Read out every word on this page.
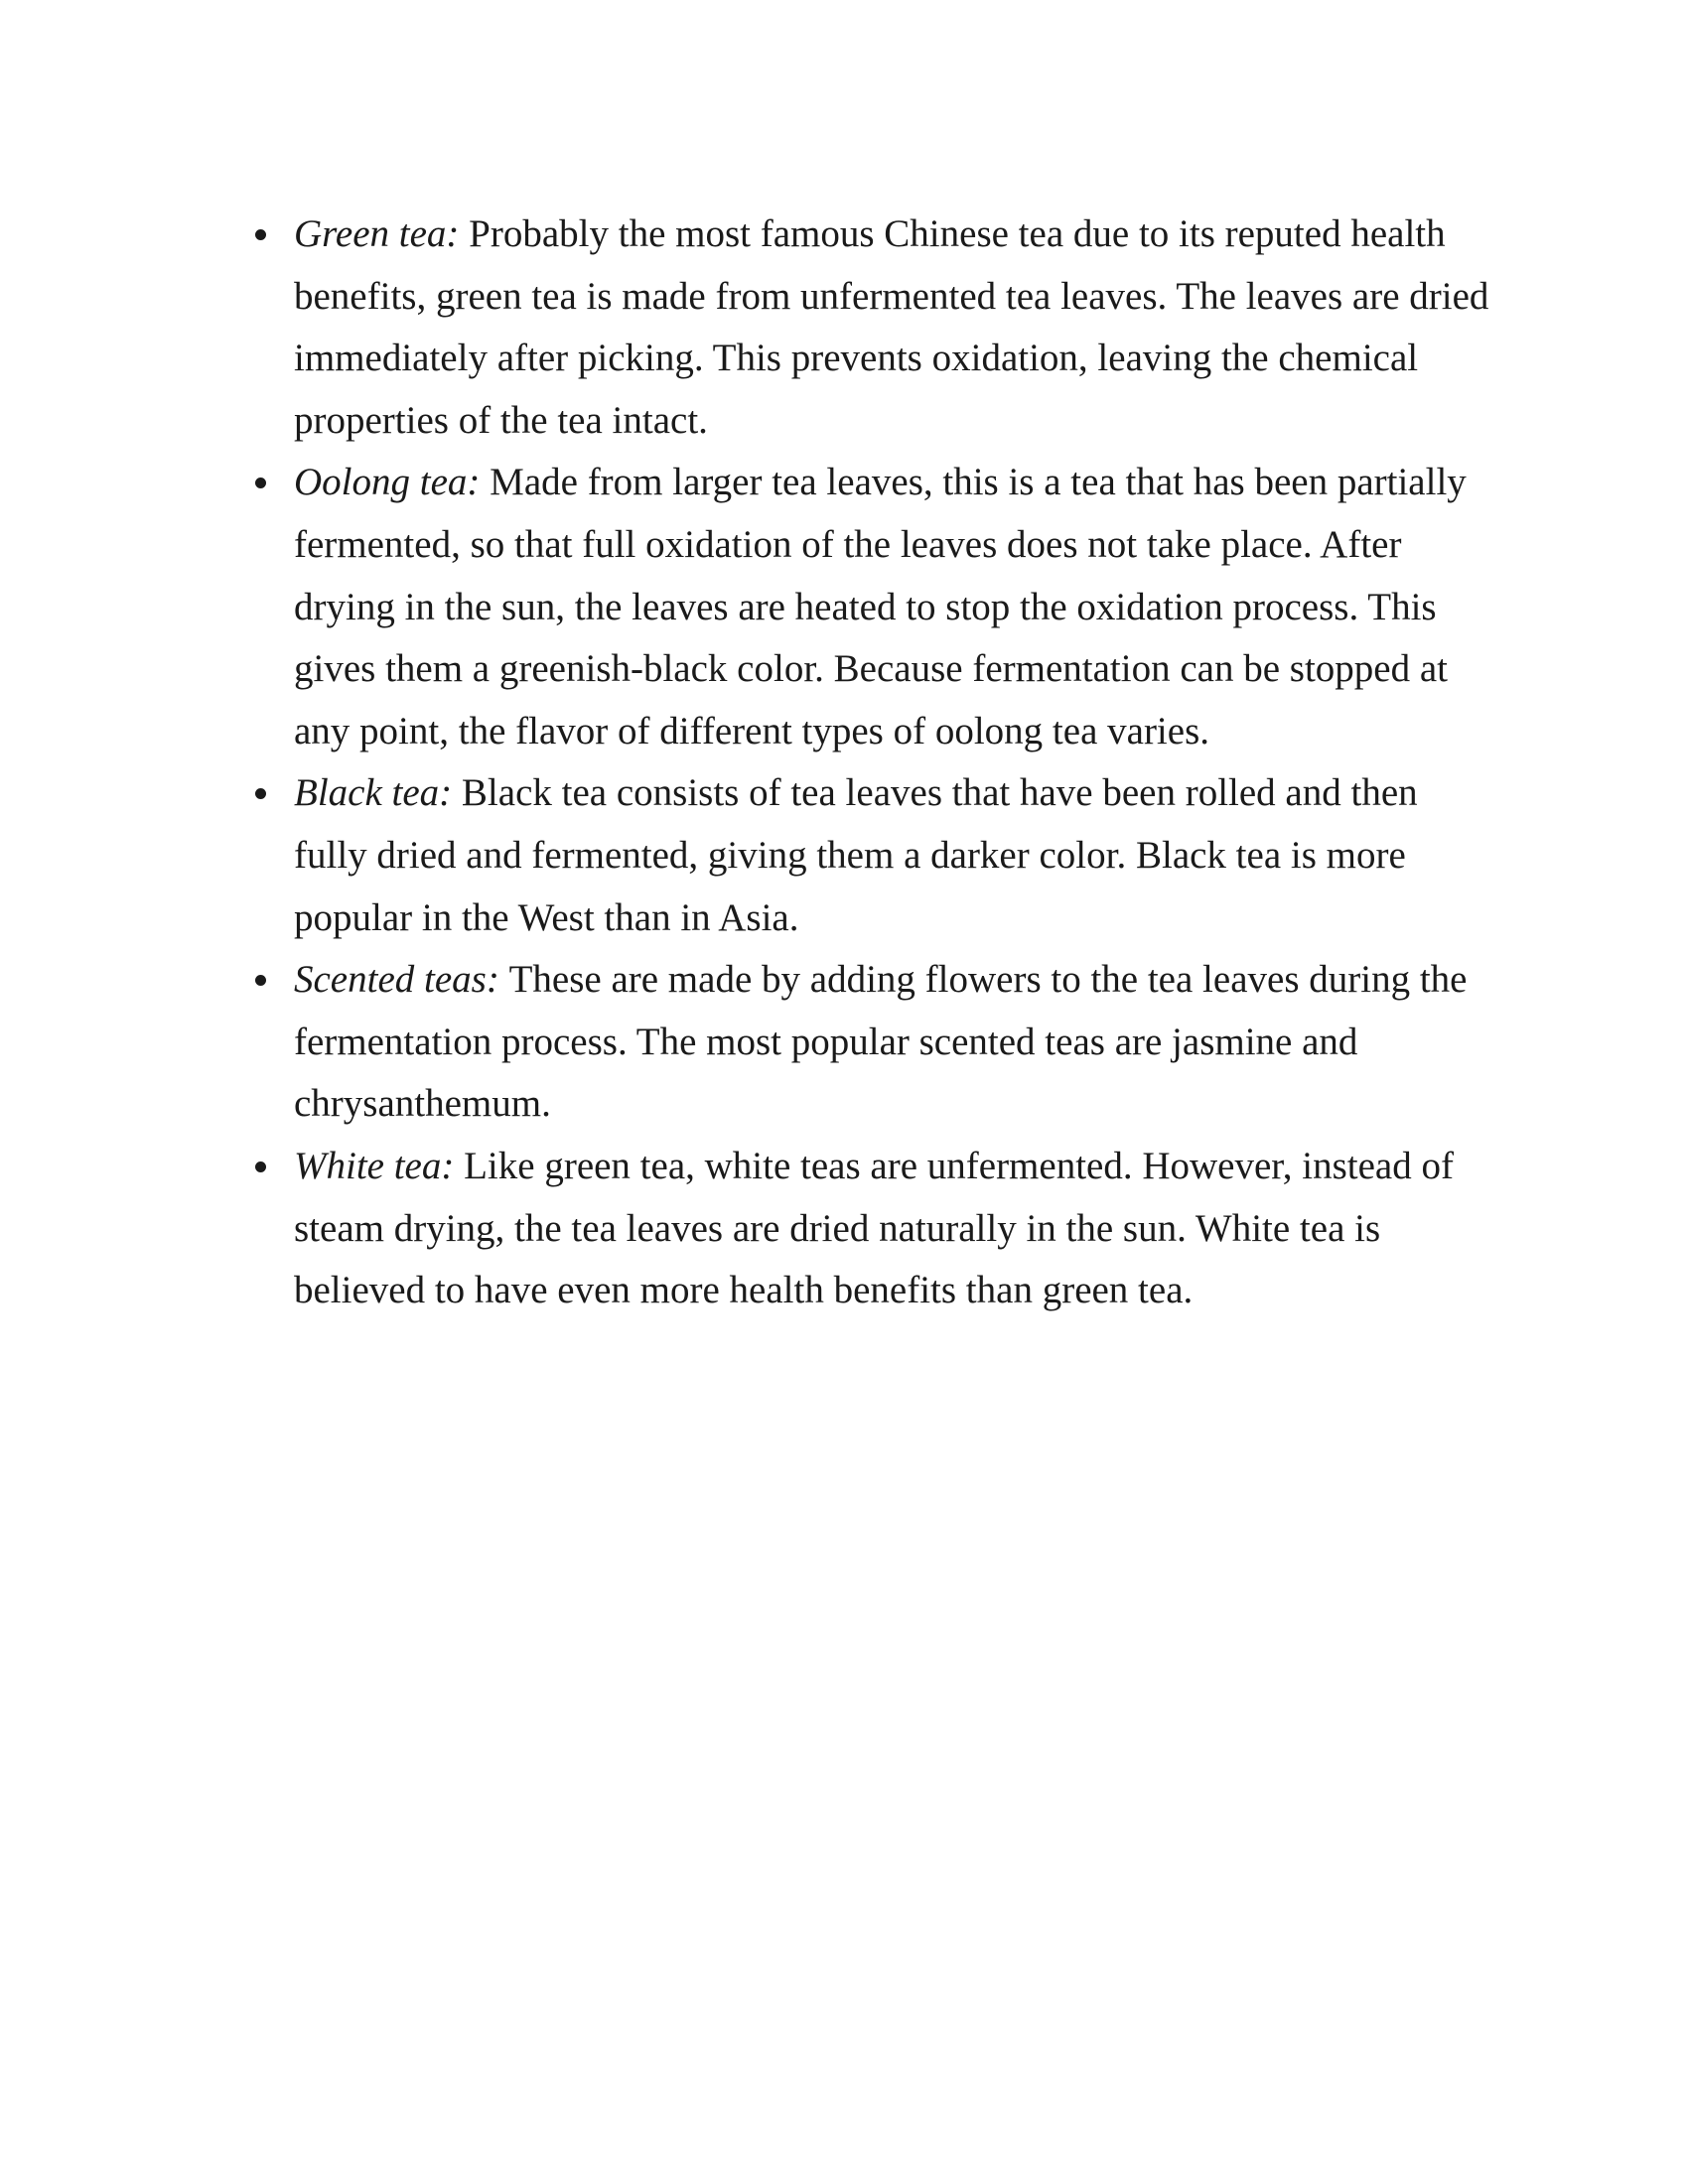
Green tea: Probably the most famous Chinese tea due to its reputed health benefits, green tea is made from unfermented tea leaves. The leaves are dried immediately after picking. This prevents oxidation, leaving the chemical properties of the tea intact.
Oolong tea: Made from larger tea leaves, this is a tea that has been partially fermented, so that full oxidation of the leaves does not take place. After drying in the sun, the leaves are heated to stop the oxidation process. This gives them a greenish-black color. Because fermentation can be stopped at any point, the flavor of different types of oolong tea varies.
Black tea: Black tea consists of tea leaves that have been rolled and then fully dried and fermented, giving them a darker color. Black tea is more popular in the West than in Asia.
Scented teas: These are made by adding flowers to the tea leaves during the fermentation process. The most popular scented teas are jasmine and chrysanthemum.
White tea: Like green tea, white teas are unfermented. However, instead of steam drying, the tea leaves are dried naturally in the sun. White tea is believed to have even more health benefits than green tea.
